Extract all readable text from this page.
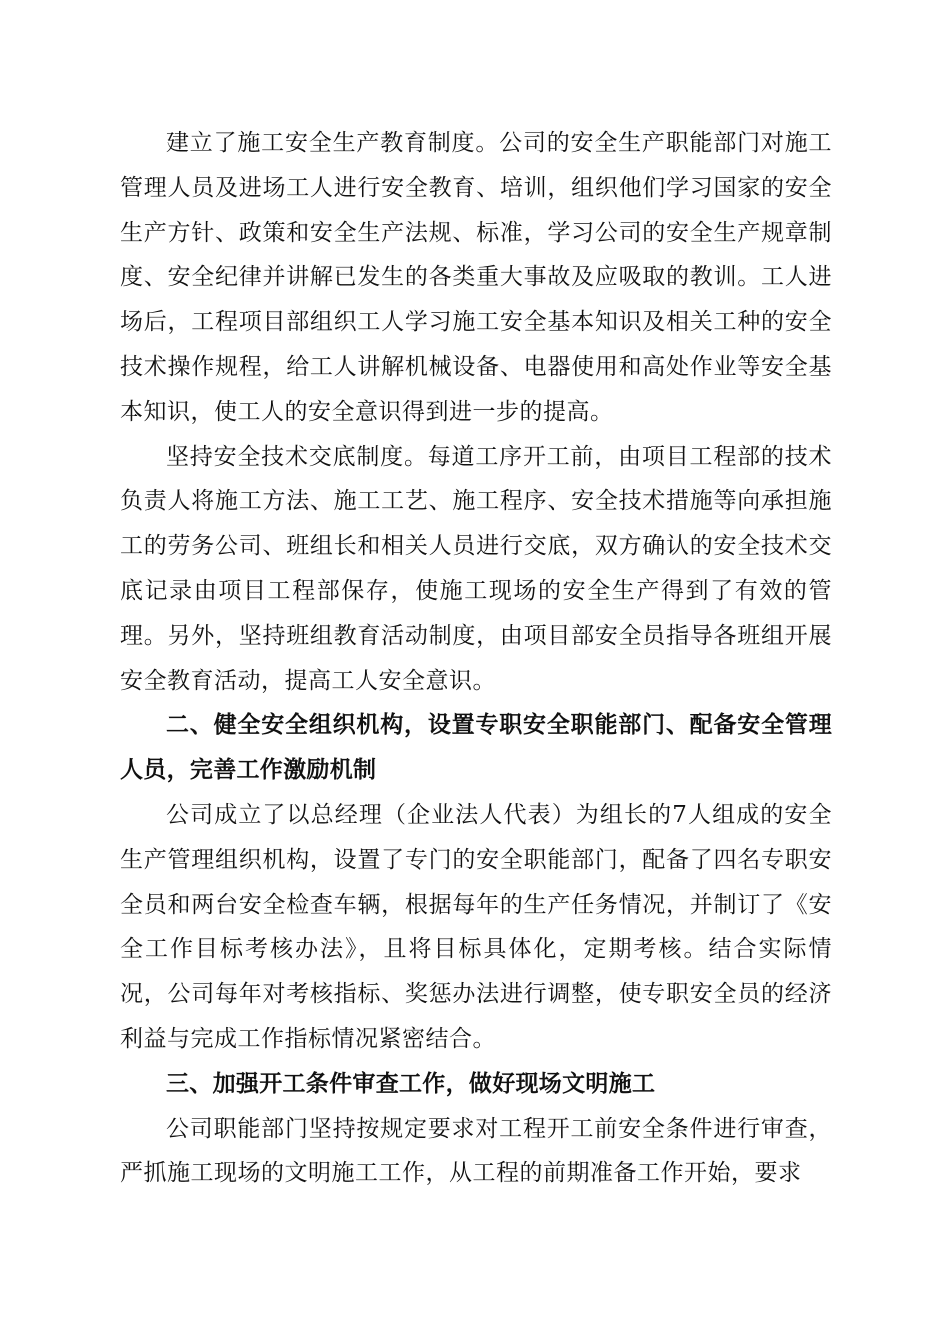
建立了施工安全生产教育制度。公司的安全生产职能部门对施工管理人员及进场工人进行安全教育、培训，组织他们学习国家的安全生产方针、政策和安全生产法规、标准，学习公司的安全生产规章制度、安全纪律并讲解已发生的各类重大事故及应吸取的教训。工人进场后，工程项目部组织工人学习施工安全基本知识及相关工种的安全技术操作规程，给工人讲解机械设备、电器使用和高处作业等安全基本知识，使工人的安全意识得到进一步的提高。

坚持安全技术交底制度。每道工序开工前，由项目工程部的技术负责人将施工方法、施工工艺、施工程序、安全技术措施等向承担施工的劳务公司、班组长和相关人员进行交底，双方确认的安全技术交底记录由项目工程部保存，使施工现场的安全生产得到了有效的管理。另外，坚持班组教育活动制度，由项目部安全员指导各班组开展安全教育活动，提高工人安全意识。

二、健全安全组织机构，设置专职安全职能部门、配备安全管理人员，完善工作激励机制

公司成立了以总经理（企业法人代表）为组长的7人组成的安全生产管理组织机构，设置了专门的安全职能部门，配备了四名专职安全员和两台安全检查车辆，根据每年的生产任务情况，并制订了《安全工作目标考核办法》，且将目标具体化，定期考核。结合实际情况，公司每年对考核指标、奖惩办法进行调整，使专职安全员的经济利益与完成工作指标情况紧密结合。

三、加强开工条件审查工作，做好现场文明施工

公司职能部门坚持按规定要求对工程开工前安全条件进行审查，严抓施工现场的文明施工工作，从工程的前期准备工作开始，要求
